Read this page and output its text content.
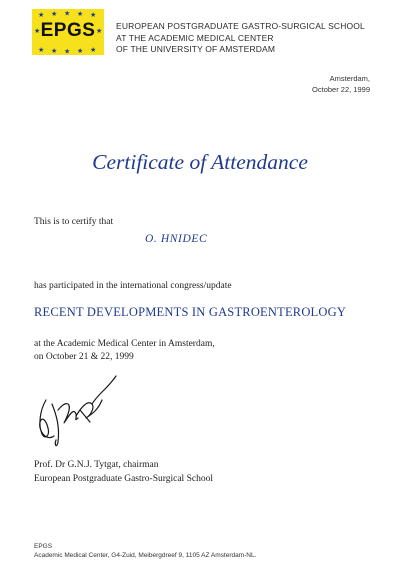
★ ★ ★ ★ ★
★	★
★ ★ ★ ★ ★
EPGS	EUROPEAN POSTGRADUATE GASTRO-SURGICAL SCHOOL
AT THE ACADEMIC MEDICAL CENTER
OF THE UNIVERSITY OF AMSTERDAM
Amsterdam,
October 22, 1999
Certificate of Attendance
This is to certify that
O. HNIDEC
has participated in the international congress/update
RECENT DEVELOPMENTS IN GASTROENTEROLOGY
at the Academic Medical Center in Amsterdam,
on October 21 & 22, 1999
Prof. Dr G.N.J. Tytgat, chairman
European Postgraduate Gastro-Surgical School
EPGS
Academic Medical Center, G4-Zuid, Meibergdreef 9, 1105 AZ Amsterdam-NL.
